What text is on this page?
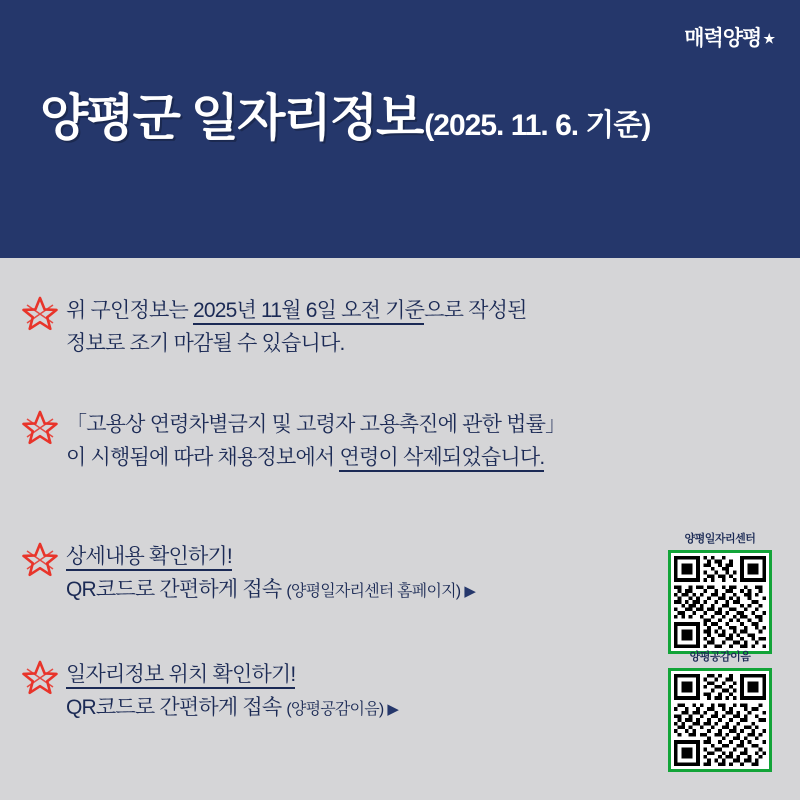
매력양평 ★
양평군 일자리정보 (2025. 11. 6. 기준)
위 구인정보는 2025년 11월 6일 오전 기준으로 작성된
정보로 조기 마감될 수 있습니다.
「고용상 연령차별금지 및 고령자 고용촉진에 관한 법률」
이 시행됨에 따라 채용정보에서 연령이 삭제되었습니다.
상세내용 확인하기!
QR코드로 간편하게 접속 (양평일자리센터 홈페이지) ▶
일자리정보 위치 확인하기!
QR코드로 간편하게 접속 (양평공감이음) ▶
양평일자리센터
양평공감이음
